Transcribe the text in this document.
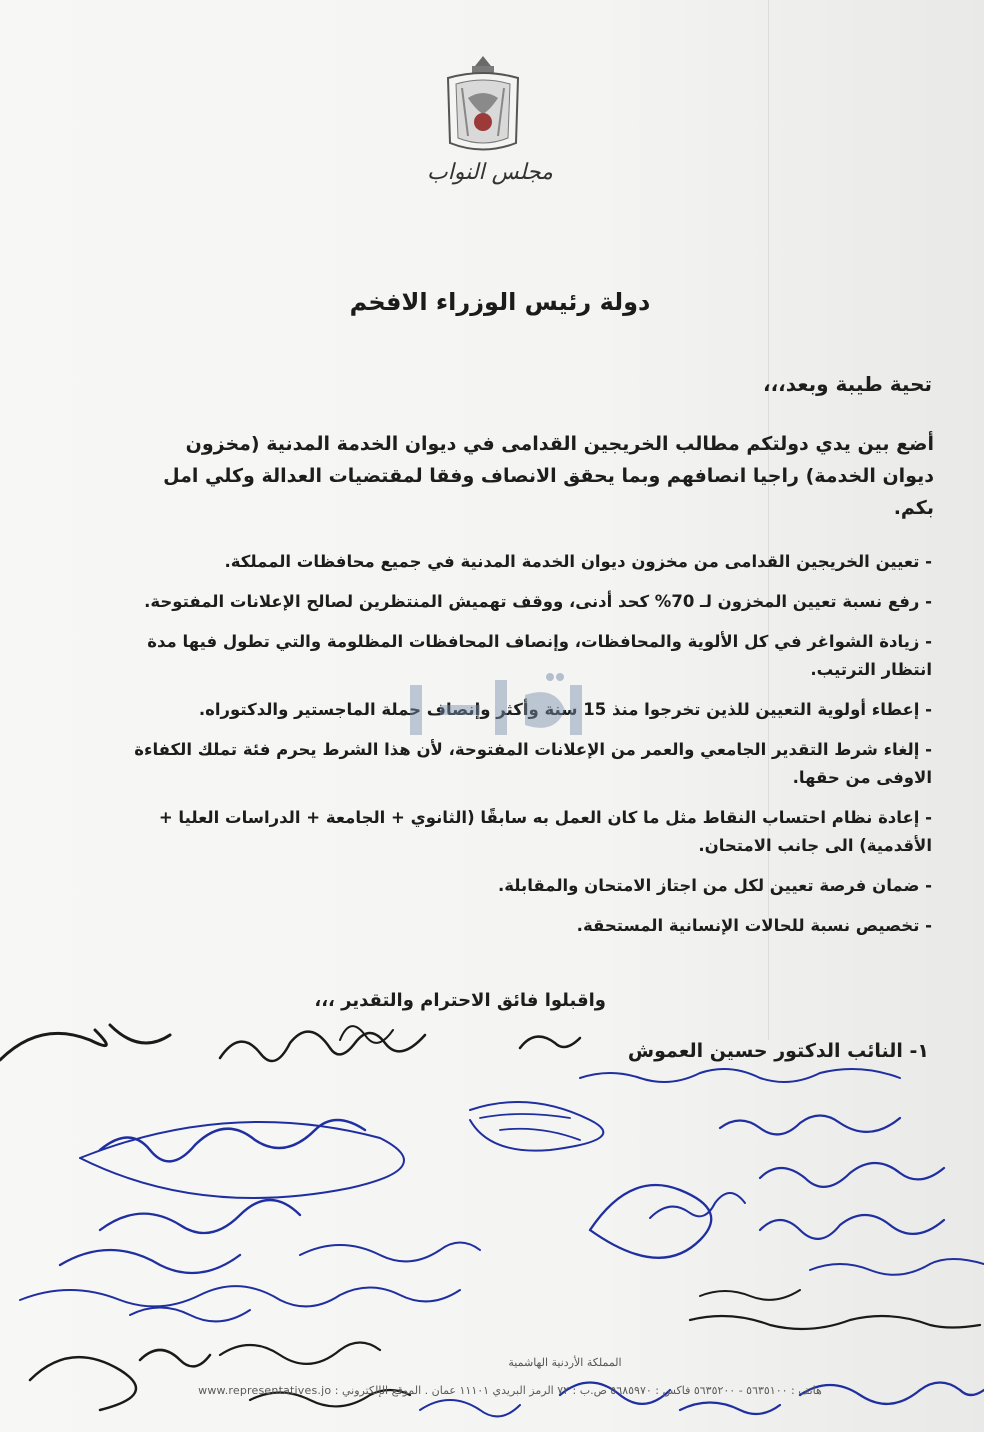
مجلس النواب
دولة رئيس الوزراء الافخم
تحية طيبة وبعد،،،
أضع بين يدي دولتكم مطالب الخريجين القدامى في ديوان الخدمة المدنية (مخزون ديوان الخدمة) راجيا انصافهم وبما يحقق الانصاف وفقا لمقتضيات العدالة وكلي امل بكم.
- تعيين الخريجين القدامى من مخزون ديوان الخدمة المدنية في جميع محافظات المملكة.
- رفع نسبة تعيين المخزون لـ 70% كحد أدنى، ووقف تهميش المنتظرين لصالح الإعلانات المفتوحة.
- زيادة الشواغر في كل الألوية والمحافظات، وإنصاف المحافظات المظلومة والتي تطول فيها مدة انتظار الترتيب.
- إعطاء أولوية التعيين للذين تخرجوا منذ 15 سنة وأكثر وإنصاف حملة الماجستير والدكتوراه.
- إلغاء شرط التقدير الجامعي والعمر من الإعلانات المفتوحة، لأن هذا الشرط يحرم فئة تملك الكفاءة الاوفى من حقها.
- إعادة نظام احتساب النقاط مثل ما كان العمل به سابقًا (الثانوي + الجامعة + الدراسات العليا + الأقدمية) الى جانب الامتحان.
- ضمان فرصة تعيين لكل من اجتاز الامتحان والمقابلة.
- تخصيص نسبة للحالات الإنسانية المستحقة.
واقبلوا فائق الاحترام والتقدير ،،،
١- النائب الدكتور حسين العموش
المملكة الأردنية الهاشمية
هاتف : ٥٦٣٥١٠٠ - ٥٦٣٥٢٠٠ فاكس : ٥٦٨٥٩٧٠ ص.ب : ٧٢ الرمز البريدي ١١١٠١ عمان . الموقع الإلكتروني : www.representatives.jo
